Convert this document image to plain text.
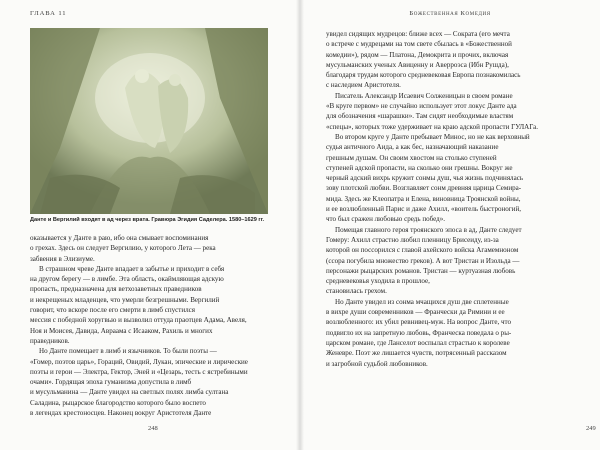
ГЛАВА 11
Данте и Вергилий входят в ад через врата. Гравюра Эгидия Саделера. 1580–1629 гг.
оказывается у Данте в раю, ибо она смывает воспоминания
о грехах. Здесь он следует Вергилию, у которого Лета — река
забвения в Элизиуме.
В страшном чреве Данте впадает в забытье и приходит в себя
на другом берегу — в лимбе. Эта область, окаймляющая адскую
пропасть, предназначена для ветхозаветных праведников
и некрещеных младенцев, что умерли безгрешными. Вергилий
говорит, что вскоре после его смерти в лимб спустился
мессия с победной хоругвью и вызволил оттуда праотцев Адама, Авеля,
Ноя и Моисея, Давида, Авраама с Исааком, Рахиль и многих
праведников.
Но Данте помещает в лимб и язычников. То были поэты —
«Гомер, поэтов царь», Гораций, Овидий, Лукан, эпические и лирические
поэты и герои — Электра, Гектор, Эней и «Цезарь, тесть с ястребиными
очами». Гордящая эпоха гуманизма допустила в лимб
и мусульманина — Данте увидел на светлых полях лимба султана
Саладина, рыцарское благородство которого было воспето
в легендах крестоносцев. Наконец вокруг Аристотеля Данте
248
Божественная Комедия
увидел сидящих мудрецов: ближе всех — Сократа (его мечта
о встрече с мудрецами на том свете сбылась в «Божественной
комедии»), рядом — Платона, Демокрита и прочих, включая
мусульманских ученых Авиценну и Аверроэса (Ибн Рушда),
благодаря трудам которого средневековая Европа познакомилась
с наследием Аристотеля.
Писатель Александр Исаевич Солженицын в своем романе
«В круге первом» не случайно использует этот локус Данте ада
для обозначения «шарашки». Там сидят необходимые властям
«спецы», которых тоже удерживает на краю адской пропасти ГУЛАГа.
Во втором круге у Данте пребывает Минос, но не как верховный
судья античного Аида, а как бес, назначающий наказание
грешным душам. Он своим хвостом на столько ступеней
ступеней адской пропасти, на сколько они грешны. Вокруг же
черный адский вихрь кружит сонмы душ, чья жизнь подчинялась
зову плотской любви. Возглавляет сонм древняя царица Семира-
мида. Здесь же Клеопатра и Елена, виновница Троянской войны,
и ее возлюбленный Парис и даже Ахилл, «воитель быстроногий,
что был сражен любовью средь побед».
Помещая главного героя троянского эпоса в ад, Данте следует
Гомеру: Ахилл страстно любил пленницу Брисеиду, из-за
которой он поссорился с главой ахейского войска Агамемноном
(ссора погубила множество греков). А вот Тристан и Изольда —
персонажи рыцарских романов. Тристан — куртуазная любовь
средневековья уходила в прошлое,
становилась грехом.
Но Данте увидел из сонма мчащихся душ две сплетенные
в вихре души современников — Франчески да Римини и ее
возлюбленного: их убил ревнивец-муж. На вопрос Данте, что
подвигло их на запретную любовь, Франческа поведала о ры-
царском романе, где Ланселот воспылал страстью к королеве
Женевре. Поэт же лишается чувств, потрясенный рассказом
и загробной судьбой любовников.
249
